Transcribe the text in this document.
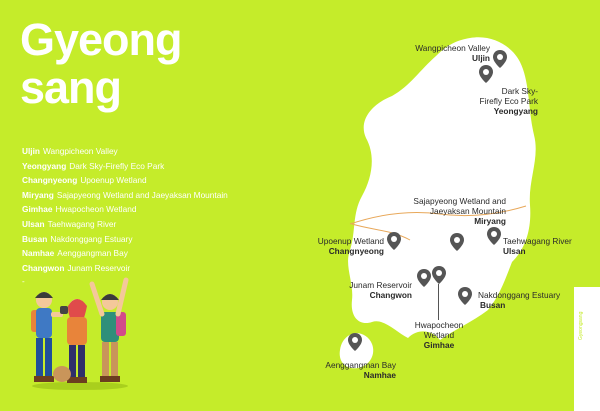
Gyeong
sang
Uljin Wangpicheon Valley
Yeongyang Dark Sky-Firefly Eco Park
Changnyeong Upoenup Wetland
Miryang Sajapyeong Wetland and Jaeyaksan Mountain
Gimhae Hwapocheon Wetland
Ulsan Taehwagang River
Busan Nakdonggang Estuary
Namhae Aenggangman Bay
Changwon Junam Reservoir
-
Wangpicheon Valley
Uljin
Dark Sky-
Firefly Eco Park
Yeongyang
Sajapyeong Wetland and
Jaeyaksan Mountain
Miryang
Upoenup Wetland
Changnyeong
Taehwagang River
Ulsan
Junam Reservoir
Changwon	Nakdonggang Estuary
Busan
Hwapocheon
Wetland
Gimhae
Aenggangman Bay
Namhae
Gyeongsang
